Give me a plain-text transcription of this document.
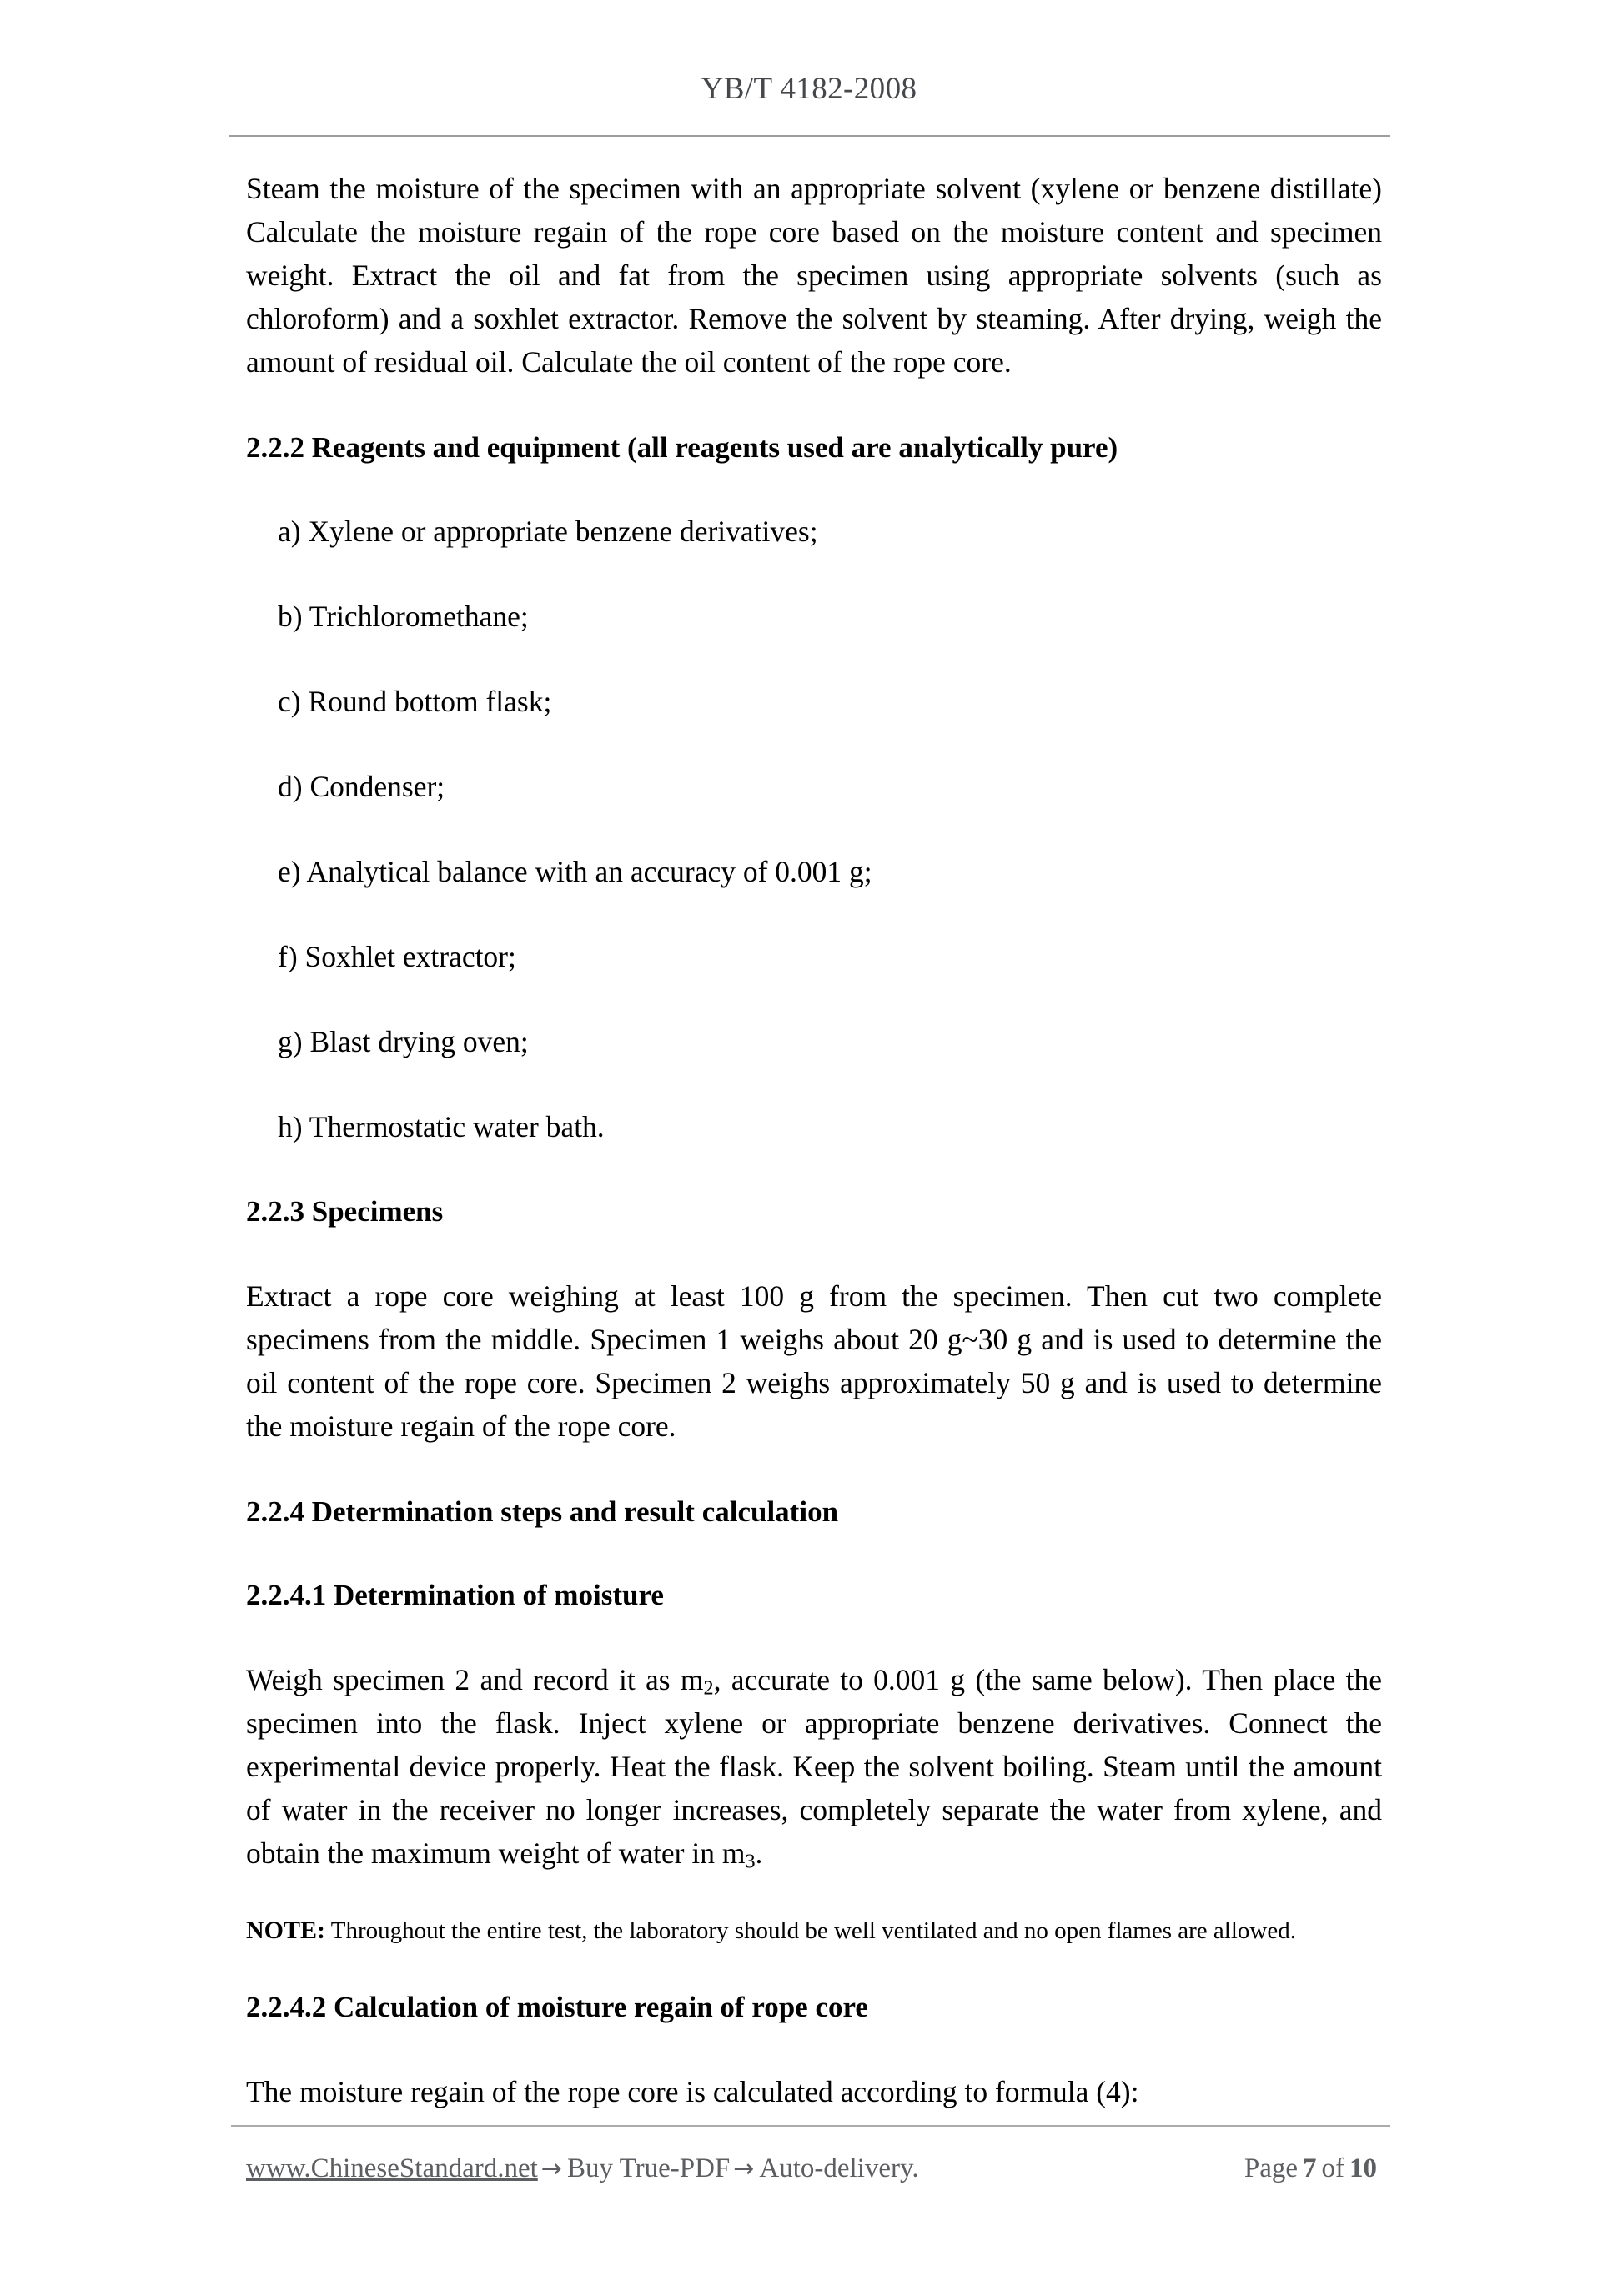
YB/T 4182-2008

Steam the moisture of the specimen with an appropriate solvent (xylene or benzene distillate) Calculate the moisture regain of the rope core based on the moisture content and specimen weight. Extract the oil and fat from the specimen using appropriate solvents (such as chloroform) and a soxhlet extractor. Remove the solvent by steaming. After drying, weigh the amount of residual oil. Calculate the oil content of the rope core.

2.2.2 Reagents and equipment (all reagents used are analytically pure)
a) Xylene or appropriate benzene derivatives;
b) Trichloromethane;
c) Round bottom flask;
d) Condenser;
e) Analytical balance with an accuracy of 0.001 g;
f) Soxhlet extractor;
g) Blast drying oven;
h) Thermostatic water bath.
2.2.3 Specimens

Extract a rope core weighing at least 100 g from the specimen. Then cut two complete specimens from the middle. Specimen 1 weighs about 20 g~30 g and is used to determine the oil content of the rope core. Specimen 2 weighs approximately 50 g and is used to determine the moisture regain of the rope core.

2.2.4 Determination steps and result calculation
2.2.4.1 Determination of moisture

Weigh specimen 2 and record it as $m_2$, accurate to 0.001 g (the same below). Then place the specimen into the flask. Inject xylene or appropriate benzene derivatives. Connect the experimental device properly. Heat the flask. Keep the solvent boiling. Steam until the amount of water in the receiver no longer increases, completely separate the water from xylene, and obtain the maximum weight of water in $m_3$.

NOTE: Throughout the entire test, the laboratory should be well ventilated and no open flames are allowed.

2.2.4.2 Calculation of moisture regain of rope core

The moisture regain of the rope core is calculated according to formula (4):

www.ChineseStandard.net → Buy True-PDF → Auto-delivery.	Page 7 of 10
